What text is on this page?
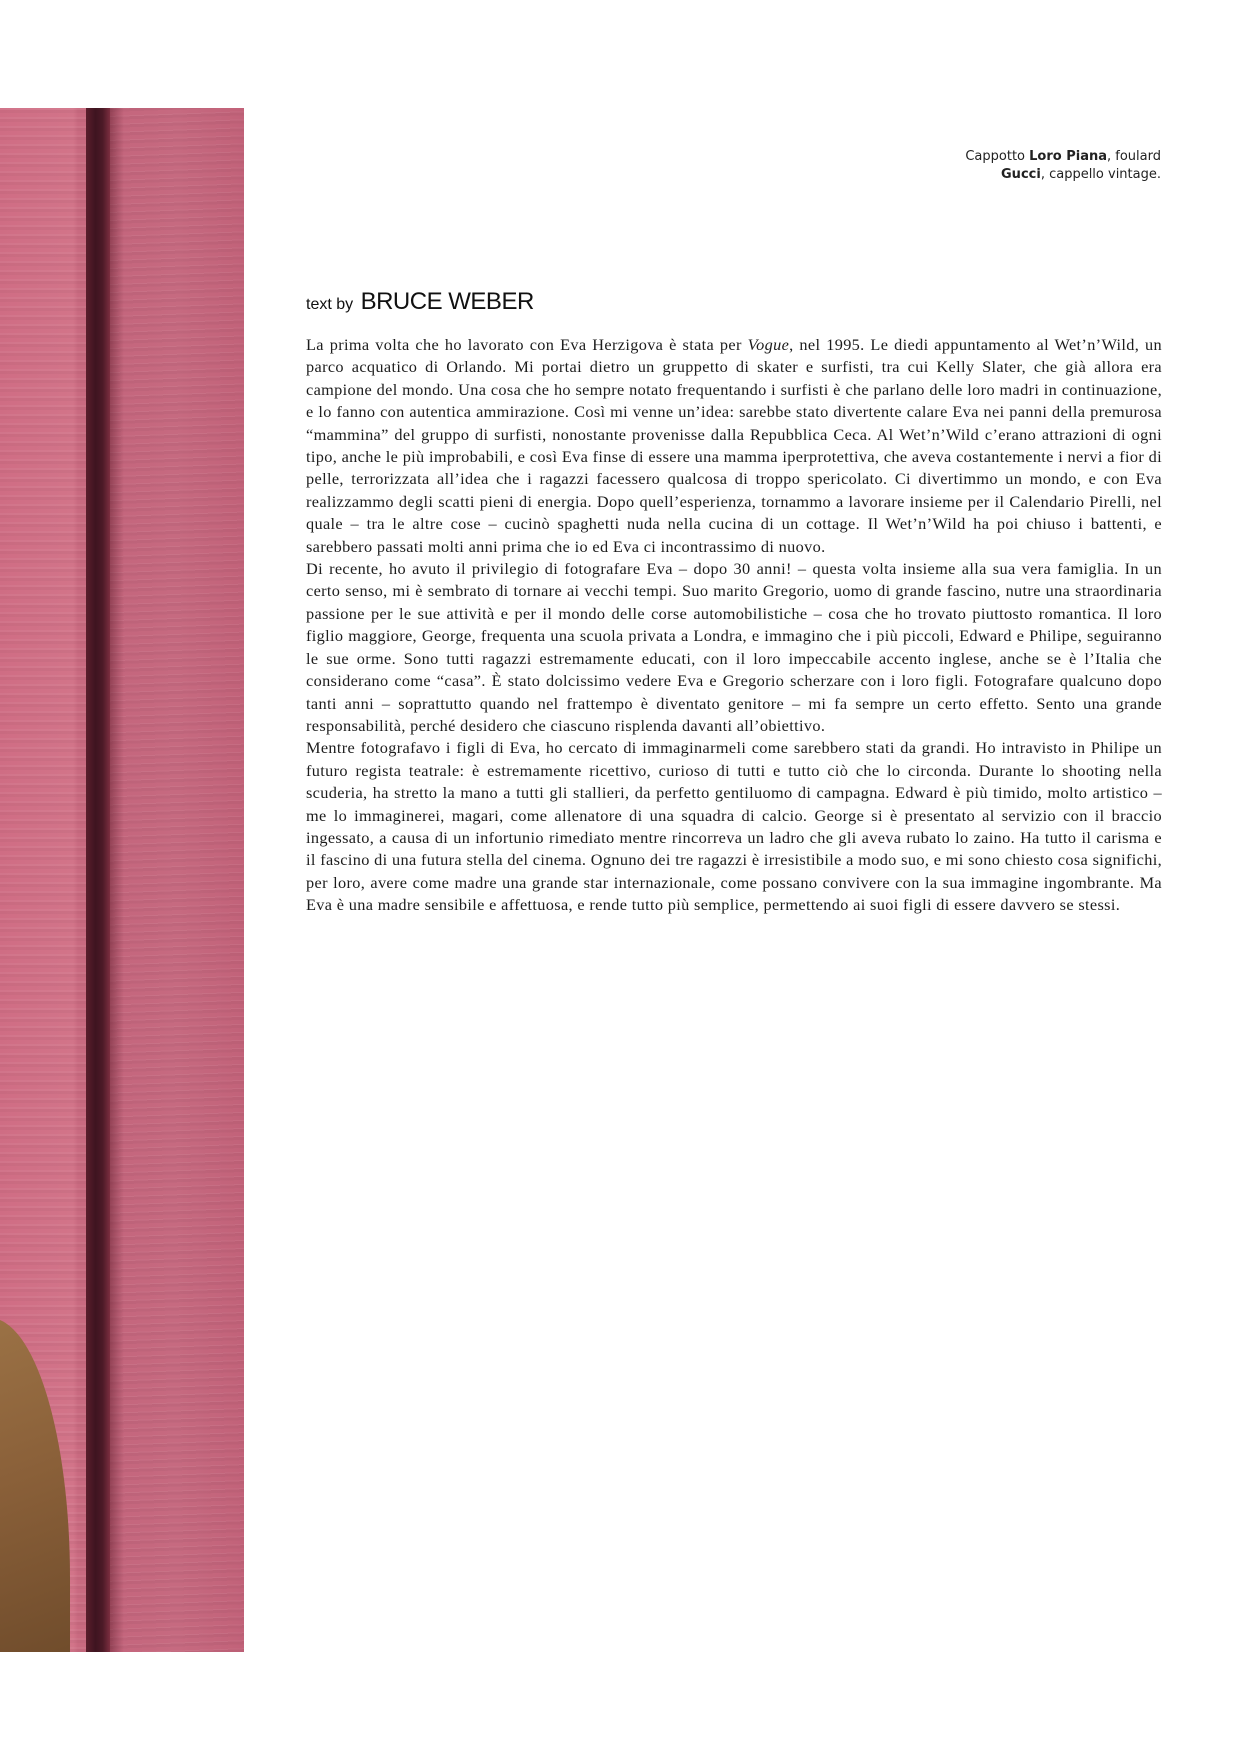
Cappotto Loro Piana, foulard
Gucci, cappello vintage.
text by BRUCE WEBER

La prima volta che ho lavorato con Eva Herzigova è stata per Vogue, nel 1995. Le diedi appuntamento al Wet’n’Wild, un parco acquatico di Orlando. Mi portai dietro un gruppetto di skater e surfisti, tra cui Kelly Slater, che già allora era campione del mondo. Una cosa che ho sempre notato frequentando i surfisti è che parlano delle loro madri in continuazione, e lo fanno con autentica ammirazione. Così mi venne un’idea: sarebbe stato divertente calare Eva nei panni della premurosa “mammina” del gruppo di surfisti, nonostante provenisse dalla Repubblica Ceca. Al Wet’n’Wild c’erano attrazioni di ogni tipo, anche le più improbabili, e così Eva finse di essere una mamma iperprotettiva, che aveva costantemente i nervi a fior di pelle, terrorizzata all’idea che i ragazzi facessero qualcosa di troppo spericolato. Ci divertimmo un mondo, e con Eva realizzammo degli scatti pieni di energia. Dopo quell’esperienza, tornammo a lavorare insieme per il Calendario Pirelli, nel quale – tra le altre cose – cucinò spaghetti nuda nella cucina di un cottage. Il Wet’n’Wild ha poi chiuso i battenti, e sarebbero passati molti anni prima che io ed Eva ci incontrassimo di nuovo.

Di recente, ho avuto il privilegio di fotografare Eva – dopo 30 anni! – questa volta insieme alla sua vera famiglia. In un certo senso, mi è sembrato di tornare ai vecchi tempi. Suo marito Gregorio, uomo di grande fascino, nutre una straordinaria passione per le sue attività e per il mondo delle corse automobilistiche – cosa che ho trovato piuttosto romantica. Il loro figlio maggiore, George, frequenta una scuola privata a Londra, e immagino che i più piccoli, Edward e Philipe, seguiranno le sue orme. Sono tutti ragazzi estremamente educati, con il loro impeccabile accento inglese, anche se è l’Italia che considerano come “casa”. È stato dolcissimo vedere Eva e Gregorio scherzare con i loro figli. Fotografare qualcuno dopo tanti anni – soprattutto quando nel frattempo è diventato genitore – mi fa sempre un certo effetto. Sento una grande responsabilità, perché desidero che ciascuno risplenda davanti all’obiettivo.

Mentre fotografavo i figli di Eva, ho cercato di immaginarmeli come sarebbero stati da grandi. Ho intravisto in Philipe un futuro regista teatrale: è estremamente ricettivo, curioso di tutti e tutto ciò che lo circonda. Durante lo shooting nella scuderia, ha stretto la mano a tutti gli stallieri, da perfetto gentiluomo di campagna. Edward è più timido, molto artistico – me lo immaginerei, magari, come allenatore di una squadra di calcio. George si è presentato al servizio con il braccio ingessato, a causa di un infortunio rimediato mentre rincorreva un ladro che gli aveva rubato lo zaino. Ha tutto il carisma e il fascino di una futura stella del cinema. Ognuno dei tre ragazzi è irresistibile a modo suo, e mi sono chiesto cosa significhi, per loro, avere come madre una grande star internazionale, come possano convivere con la sua immagine ingombrante. Ma Eva è una madre sensibile e affettuosa, e rende tutto più semplice, permettendo ai suoi figli di essere davvero se stessi.
